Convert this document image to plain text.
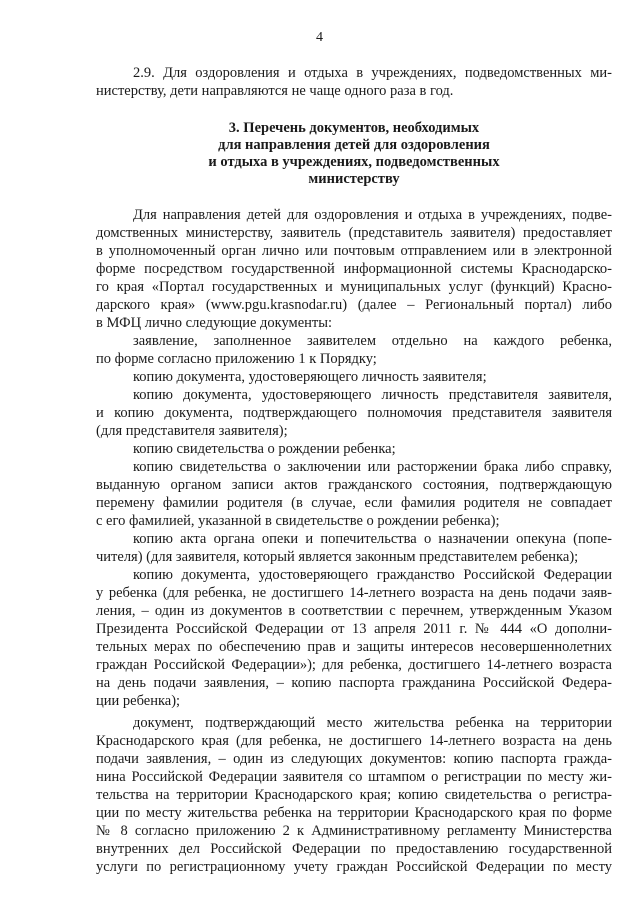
4
2.9. Для оздоровления и отдыха в учреждениях, подведомственных ми-
нистерству, дети направляются не чаще одного раза в год.
3. Перечень документов, необходимых
для направления детей для оздоровления
и отдыха в учреждениях, подведомственных
министерству
Для направления детей для оздоровления и отдыха в учреждениях, подве-
домственных министерству, заявитель (представитель заявителя) предоставляет
в уполномоченный орган лично или почтовым отправлением или в электронной
форме посредством государственной информационной системы Краснодарско-
го края «Портал государственных и муниципальных услуг (функций) Красно-
дарского края» (www.pgu.krasnodar.ru) (далее – Региональный портал) либо
в МФЦ лично следующие документы:
заявление, заполненное заявителем отдельно на каждого ребенка,
по форме согласно приложению 1 к Порядку;
копию документа, удостоверяющего личность заявителя;
копию документа, удостоверяющего личность представителя заявителя,
и копию документа, подтверждающего полномочия представителя заявителя
(для представителя заявителя);
копию свидетельства о рождении ребенка;
копию свидетельства о заключении или расторжении брака либо справку,
выданную органом записи актов гражданского состояния, подтверждающую
перемену фамилии родителя (в случае, если фамилия родителя не совпадает
с его фамилией, указанной в свидетельстве о рождении ребенка);
копию акта органа опеки и попечительства о назначении опекуна (попе-
чителя) (для заявителя, который является законным представителем ребенка);
копию документа, удостоверяющего гражданство Российской Федерации
у ребенка (для ребенка, не достигшего 14-летнего возраста на день подачи заяв-
ления, – один из документов в соответствии с перечнем, утвержденным Указом
Президента Российской Федерации от 13 апреля 2011 г. № 444 «О дополни-
тельных мерах по обеспечению прав и защиты интересов несовершеннолетних
граждан Российской Федерации»); для ребенка, достигшего 14-летнего возраста
на день подачи заявления, – копию паспорта гражданина Российской Федера-
ции ребенка);
документ, подтверждающий место жительства ребенка на территории
Краснодарского края (для ребенка, не достигшего 14-летнего возраста на день
подачи заявления, – один из следующих документов: копию паспорта гражда-
нина Российской Федерации заявителя со штампом о регистрации по месту жи-
тельства на территории Краснодарского края; копию свидетельства о регистра-
ции по месту жительства ребенка на территории Краснодарского края по форме
№ 8 согласно приложению 2 к Административному регламенту Министерства
внутренних дел Российской Федерации по предоставлению государственной
услуги по регистрационному учету граждан Российской Федерации по месту
